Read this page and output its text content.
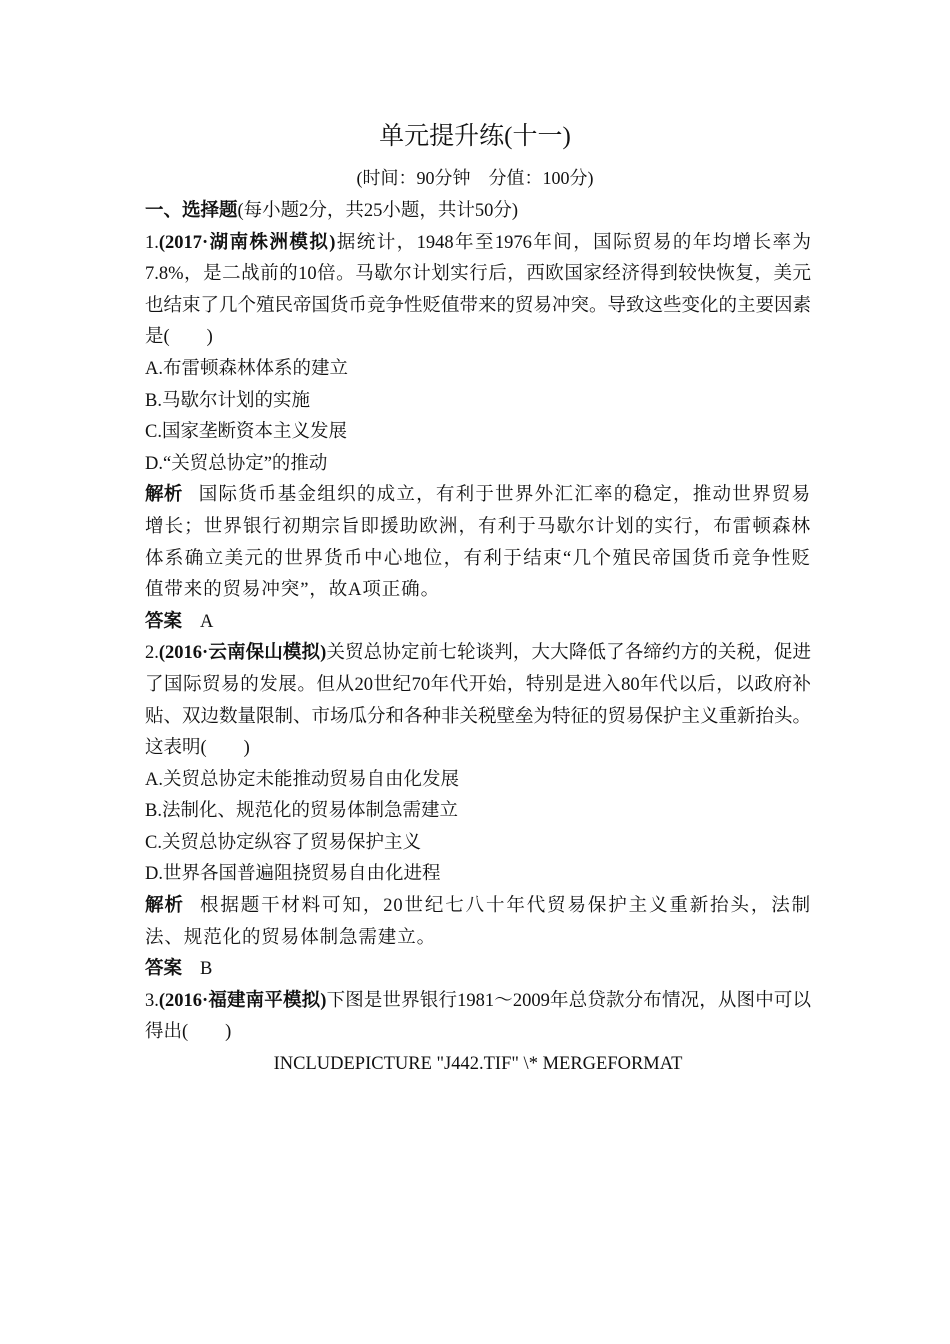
单元提升练(十一)
(时间：90分钟　分值：100分)

一、选择题(每小题2分，共25小题，共计50分)

1.(2017·湖南株洲模拟)据统计，1948年至1976年间，国际贸易的年均增长率为7.8%，是二战前的10倍。马歇尔计划实行后，西欧国家经济得到较快恢复，美元也结束了几个殖民帝国货币竞争性贬值带来的贸易冲突。导致这些变化的主要因素是(　　)

A.布雷顿森林体系的建立

B.马歇尔计划的实施

C.国家垄断资本主义发展

D.“关贸总协定”的推动

解析 国际货币基金组织的成立，有利于世界外汇汇率的稳定，推动世界贸易增长；世界银行初期宗旨即援助欧洲，有利于马歇尔计划的实行，布雷顿森林体系确立美元的世界货币中心地位，有利于结束“几个殖民帝国货币竞争性贬值带来的贸易冲突”，故A项正确。

答案 A

2.(2016·云南保山模拟)关贸总协定前七轮谈判，大大降低了各缔约方的关税，促进了国际贸易的发展。但从20世纪70年代开始，特别是进入80年代以后，以政府补贴、双边数量限制、市场瓜分和各种非关税壁垒为特征的贸易保护主义重新抬头。这表明(　　)

A.关贸总协定未能推动贸易自由化发展

B.法制化、规范化的贸易体制急需建立

C.关贸总协定纵容了贸易保护主义

D.世界各国普遍阻挠贸易自由化进程

解析 根据题干材料可知，20世纪七八十年代贸易保护主义重新抬头，法制法、规范化的贸易体制急需建立。

答案 B

3.(2016·福建南平模拟)下图是世界银行1981～2009年总贷款分布情况，从图中可以得出(　　)

INCLUDEPICTURE "J442.TIF" \* MERGEFORMAT
